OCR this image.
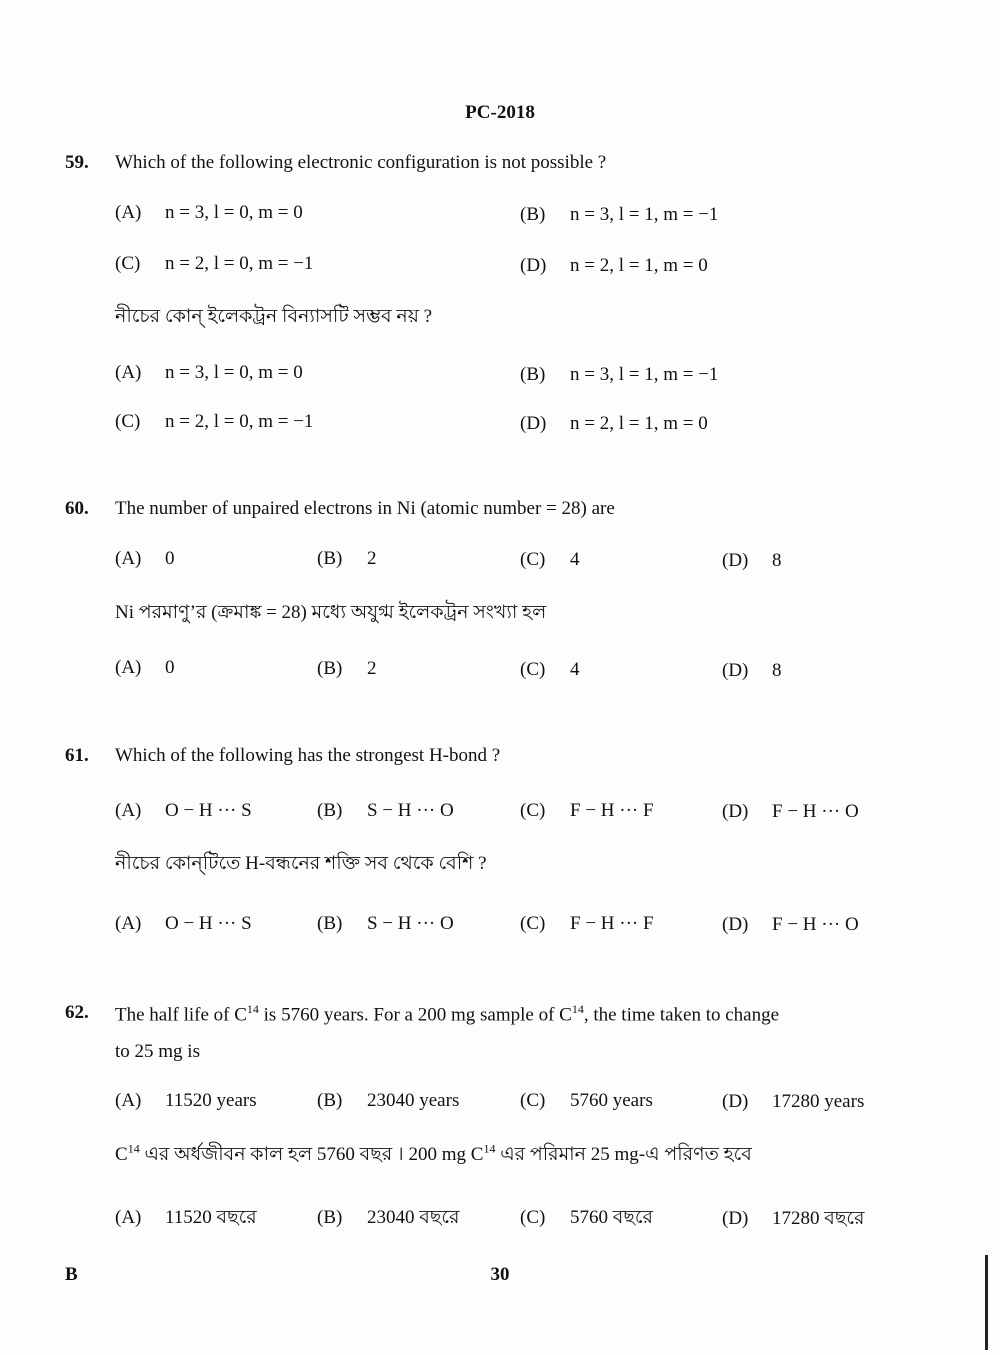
PC-2018
59. Which of the following electronic configuration is not possible ?
(A) n = 3, l = 0, m = 0	(B) n = 3, l = 1, m = −1
(C) n = 2, l = 0, m = −1	(D) n = 2, l = 1, m = 0
নীচের কোন্ ইলেকট্রন বিন্যাসটি সম্ভব নয় ?
(A) n = 3, l = 0, m = 0	(B) n = 3, l = 1, m = −1
(C) n = 2, l = 0, m = −1	(D) n = 2, l = 1, m = 0
60. The number of unpaired electrons in Ni (atomic number = 28) are
(A) 0	(B) 2	(C) 4	(D) 8
Ni পরমাণু’র (ক্রমাঙ্ক = 28) মধ্যে অযুগ্ম ইলেকট্রন সংখ্যা হল
(A) 0	(B) 2	(C) 4	(D) 8
61. Which of the following has the strongest H-bond ?
(A) O − H ··· S	(B) S − H ··· O	(C) F − H ··· F	(D) F − H ··· O
নীচের কোন্‌টিতে H-বন্ধনের শক্তি সব থেকে বেশি ?
(A) O − H ··· S	(B) S − H ··· O	(C) F − H ··· F	(D) F − H ··· O
62. The half life of $C^{14}$ is 5760 years. For a 200 mg sample of $C^{14}$, the time taken to change
to 25 mg is
(A) 11520 years	(B) 23040 years	(C) 5760 years	(D) 17280 years
$C^{14}$ এর অর্ধজীবন কাল হল 5760 বছর । 200 mg $C^{14}$ এর পরিমান 25 mg-এ পরিণত হবে
(A) 11520 বছরে	(B) 23040 বছরে	(C) 5760 বছরে	(D) 17280 বছরে
B	30
